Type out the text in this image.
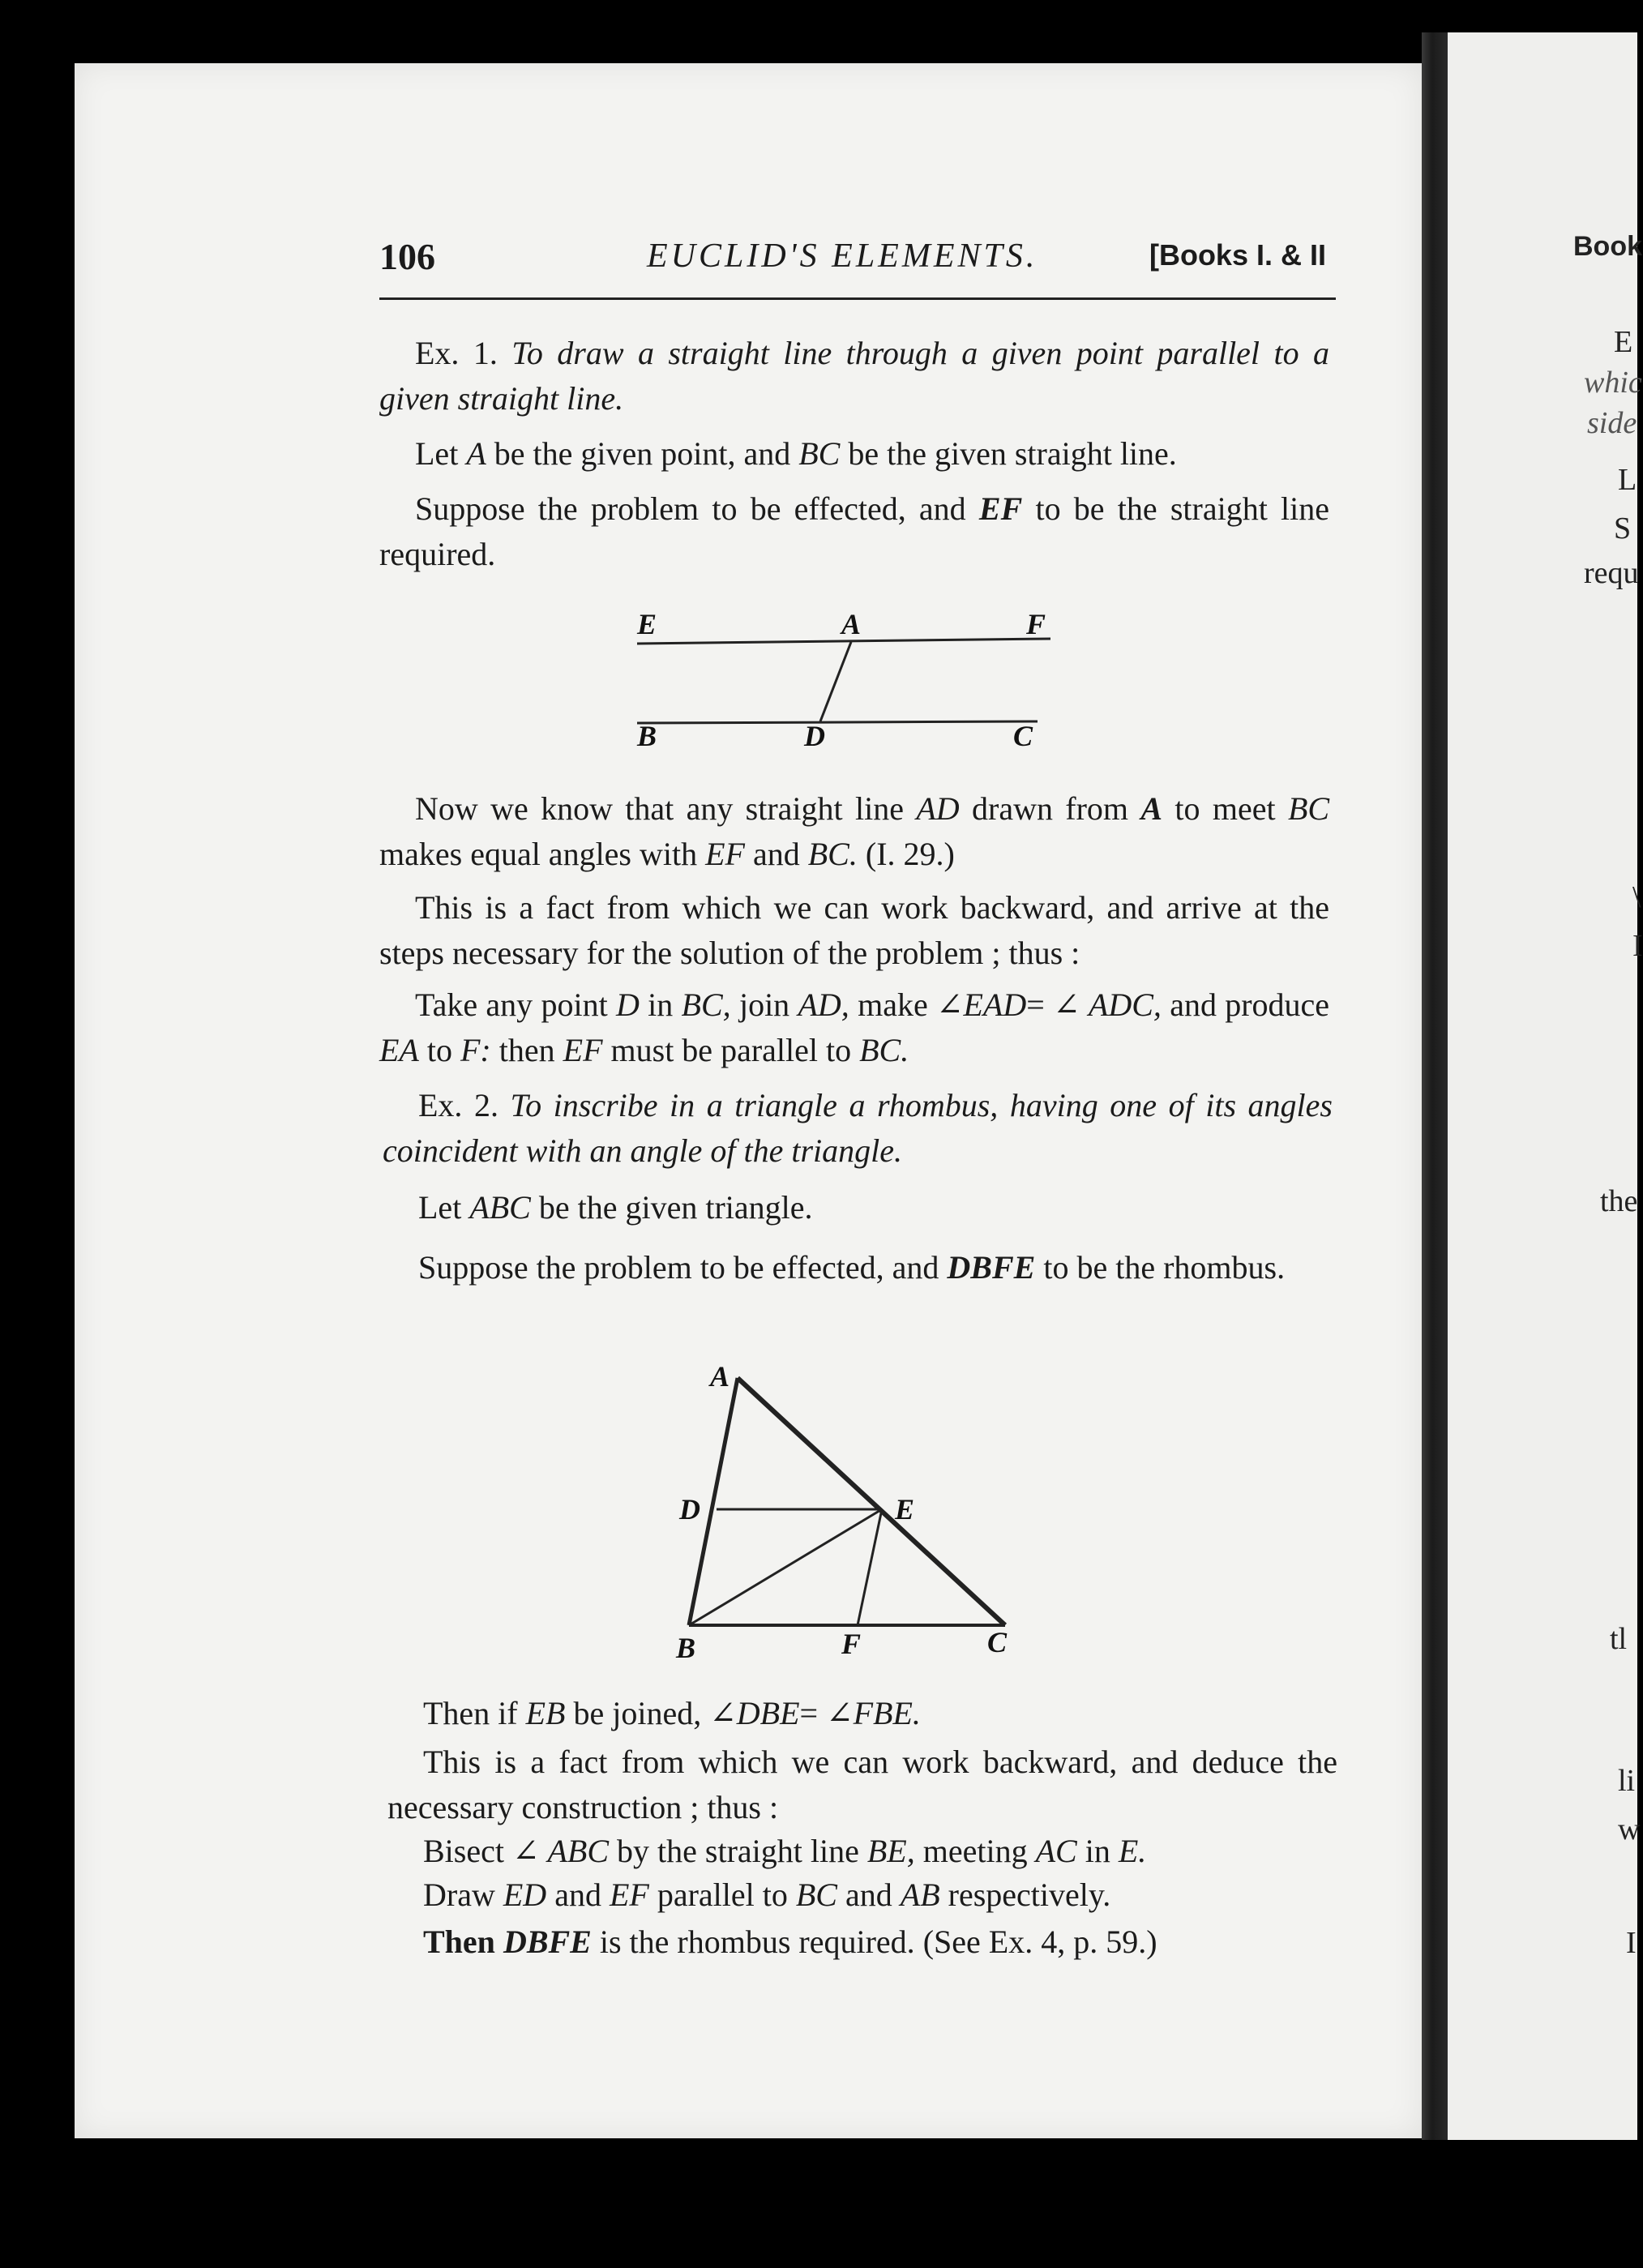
Book
E
whic
side
L
S
requ
\
I
the
tl
li
w
I
106	EUCLID'S ELEMENTS.	[Books I. & II
Ex. 1. To draw a straight line through a given point parallel to a given straight line.
Let A be the given point, and BC be the given straight line.
Suppose the problem to be effected, and EF to be the straight line required.
E	A	F
B	D	C
Now we know that any straight line AD drawn from A to meet BC makes equal angles with EF and BC. (I. 29.)
This is a fact from which we can work backward, and arrive at the steps necessary for the solution of the problem ; thus :
Take any point D in BC, join AD, make ∠EAD= ∠ ADC, and produce EA to F: then EF must be parallel to BC.
Ex. 2. To inscribe in a triangle a rhombus, having one of its angles coincident with an angle of the triangle.
Let ABC be the given triangle.
Suppose the problem to be effected, and DBFE to be the rhombus.
A
D	E
B	F	C
Then if EB be joined, ∠DBE= ∠FBE.
This is a fact from which we can work backward, and deduce the necessary construction ; thus :
Bisect ∠ ABC by the straight line BE, meeting AC in E.
Draw ED and EF parallel to BC and AB respectively.
Then DBFE is the rhombus required. (See Ex. 4, p. 59.)
